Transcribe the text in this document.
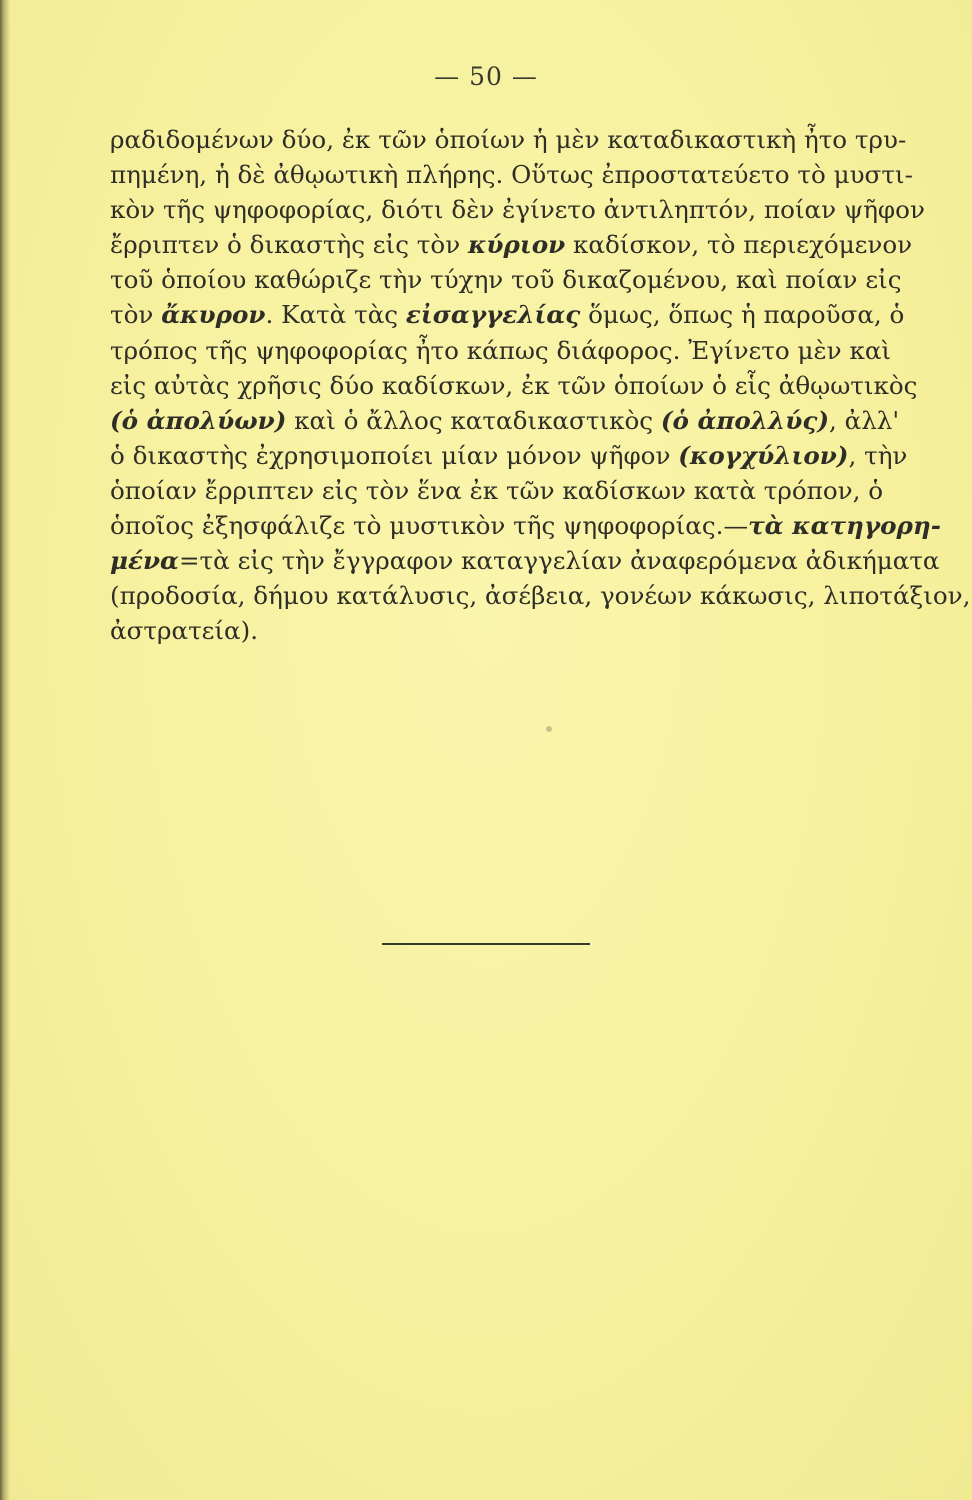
— 50 —
ραδιδομένων δύο, ἐκ τῶν ὁποίων ἡ μὲν καταδικαστικὴ ἦτο τρυ-
πημένη, ἡ δὲ ἀθῳωτικὴ πλήρης. Οὕτως ἐπροστατεύετο τὸ μυστι-
κὸν τῆς ψηφοφορίας, διότι δὲν ἐγίνετο ἀντιληπτόν, ποίαν ψῆφον
ἔρριπτεν ὁ δικαστὴς εἰς τὸν κύριον καδίσκον, τὸ περιεχόμενον
τοῦ ὁποίου καθώριζε τὴν τύχην τοῦ δικαζομένου, καὶ ποίαν εἰς
τὸν ἄκυρον. Κατὰ τὰς εἰσαγγελίας ὅμως, ὅπως ἡ παροῦσα, ὁ
τρόπος τῆς ψηφοφορίας ἦτο κάπως διάφορος. Ἐγίνετο μὲν καὶ
εἰς αὐτὰς χρῆσις δύο καδίσκων, ἐκ τῶν ὁποίων ὁ εἷς ἀθῳωτικὸς
(ὁ ἀπολύων) καὶ ὁ ἄλλος καταδικαστικὸς (ὁ ἀπολλύς), ἀλλ'
ὁ δικαστὴς ἐχρησιμοποίει μίαν μόνον ψῆφον (κογχύλιον), τὴν
ὁποίαν ἔρριπτεν εἰς τὸν ἕνα ἐκ τῶν καδίσκων κατὰ τρόπον, ὁ
ὁποῖος ἐξησφάλιζε τὸ μυστικὸν τῆς ψηφοφορίας.—τὰ κατηγορη-
μένα=τὰ εἰς τὴν ἔγγραφον καταγγελίαν ἀναφερόμενα ἀδικήματα
(προδοσία, δήμου κατάλυσις, ἀσέβεια, γονέων κάκωσις, λιποτάξιον,
ἀστρατεία).
